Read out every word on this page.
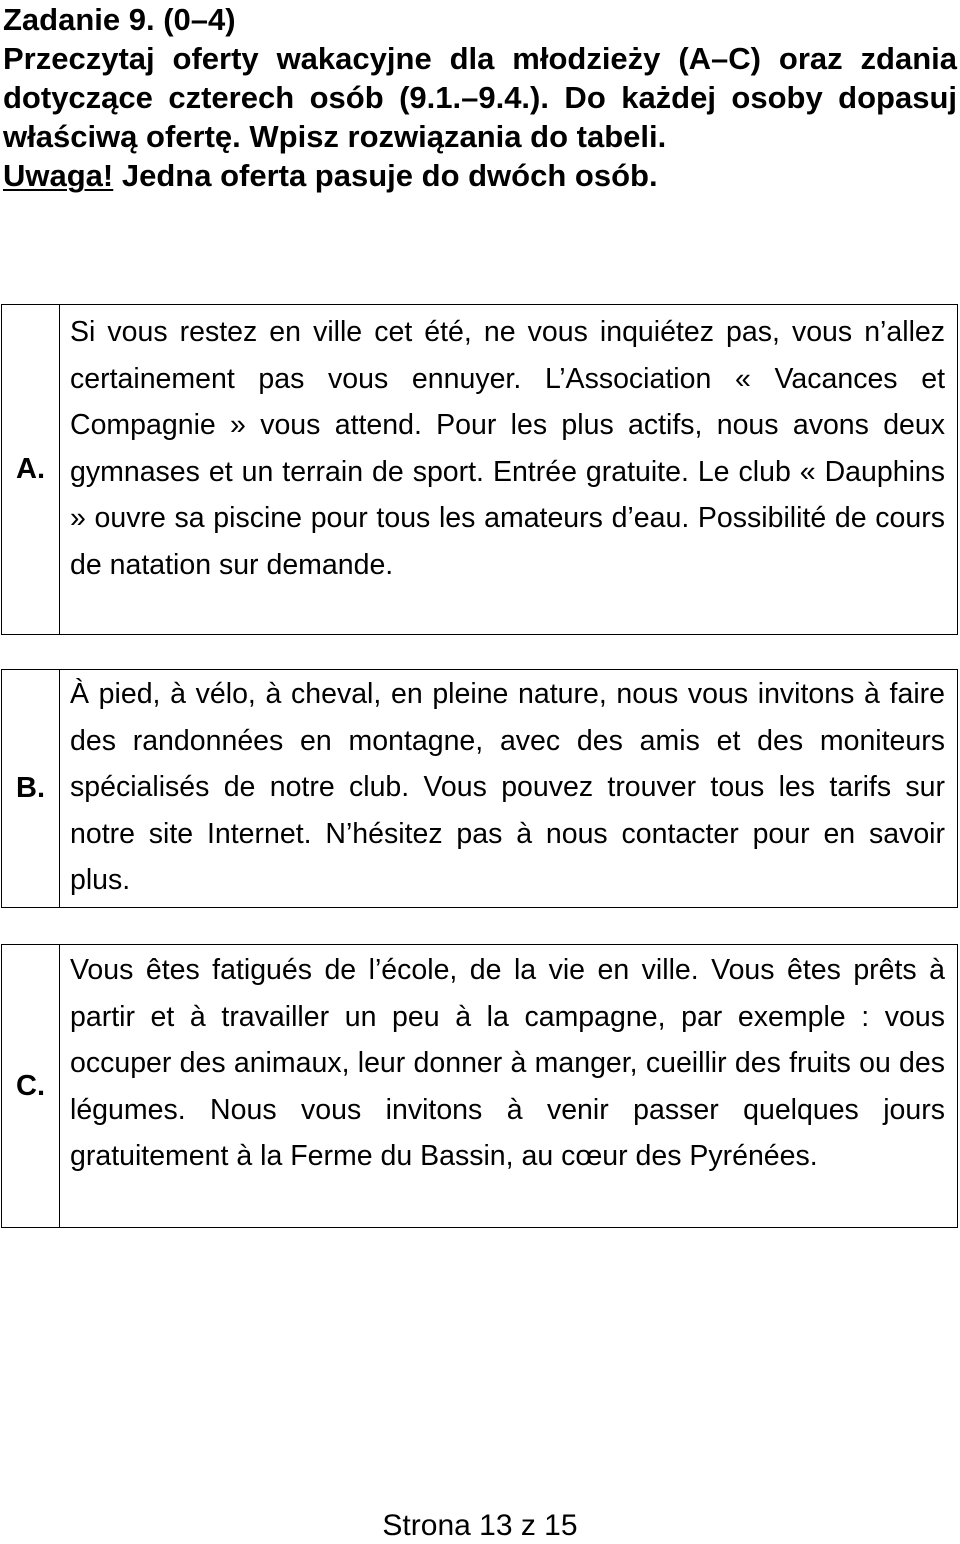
Zadanie 9. (0–4)
Przeczytaj oferty wakacyjne dla młodzieży (A–C) oraz zdania dotyczące czterech osób (9.1.–9.4.). Do każdej osoby dopasuj właściwą ofertę. Wpisz rozwiązania do tabeli.
Uwaga! Jedna oferta pasuje do dwóch osób.
A.
Si vous restez en ville cet été, ne vous inquiétez pas, vous n’allez certainement pas vous ennuyer. L’Association « Vacances et Compagnie » vous attend. Pour les plus actifs, nous avons deux gymnases et un terrain de sport. Entrée gratuite. Le club « Dauphins » ouvre sa piscine pour tous les amateurs d’eau. Possibilité de cours de natation sur demande.
B.
À pied, à vélo, à cheval, en pleine nature, nous vous invitons à faire des randonnées en montagne, avec des amis et des moniteurs spécialisés de notre club. Vous pouvez trouver tous les tarifs sur notre site Internet. N’hésitez pas à nous contacter pour en savoir plus.
C.
Vous êtes fatigués de l’école, de la vie en ville. Vous êtes prêts à partir et à travailler un peu à la campagne, par exemple : vous occuper des animaux, leur donner à manger, cueillir des fruits ou des légumes. Nous vous invitons à venir passer quelques jours gratuitement à la Ferme du Bassin, au cœur des Pyrénées.
Strona 13 z 15
